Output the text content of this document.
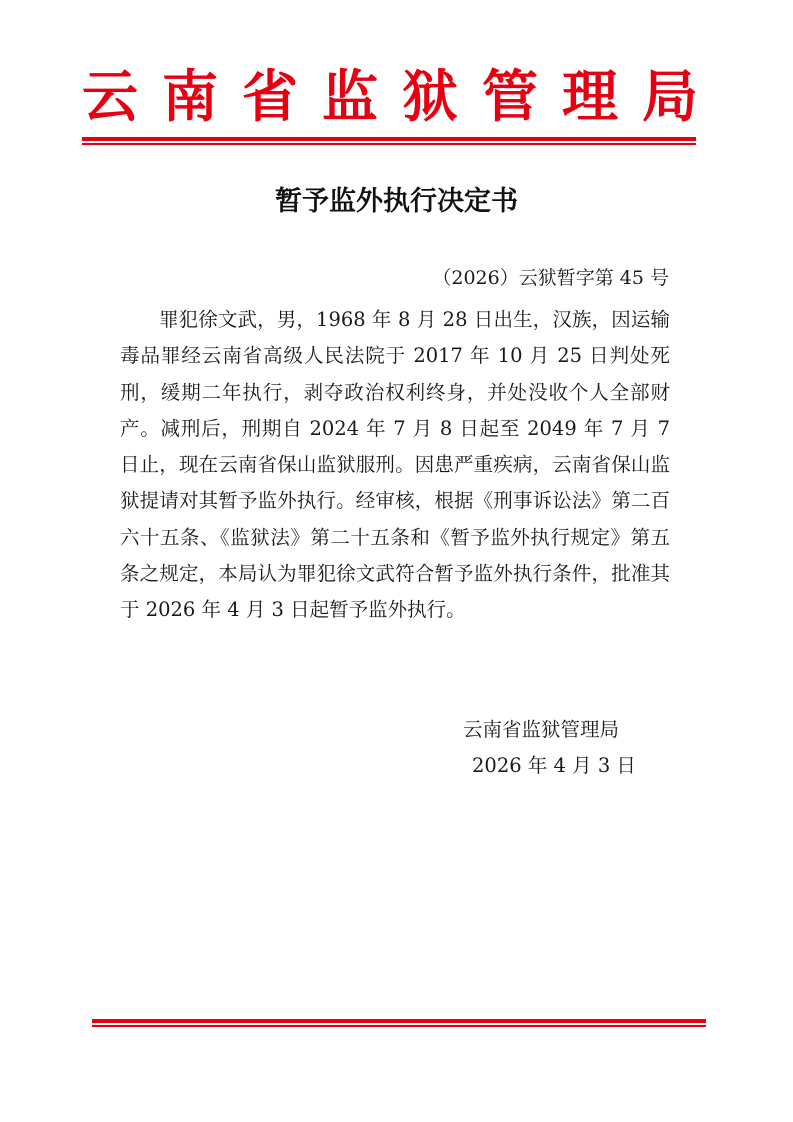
云 南 省 监 狱 管 理 局
暂予监外执行决定书
（2026）云狱暂字第 45 号

罪犯徐文武，男，1968 年 8 月 28 日出生，汉族，因运输毒品罪经云南省高级人民法院于 2017 年 10 月 25 日判处死刑，缓期二年执行，剥夺政治权利终身，并处没收个人全部财产。减刑后，刑期自 2024 年 7 月 8 日起至 2049 年 7 月 7 日止，现在云南省保山监狱服刑。因患严重疾病，云南省保山监狱提请对其暂予监外执行。经审核，根据《刑事诉讼法》第二百六十五条、《监狱法》第二十五条和《暂予监外执行规定》第五条之规定，本局认为罪犯徐文武符合暂予监外执行条件，批准其于 2026 年 4 月 3 日起暂予监外执行。

云南省监狱管理局
2026 年 4 月 3 日
